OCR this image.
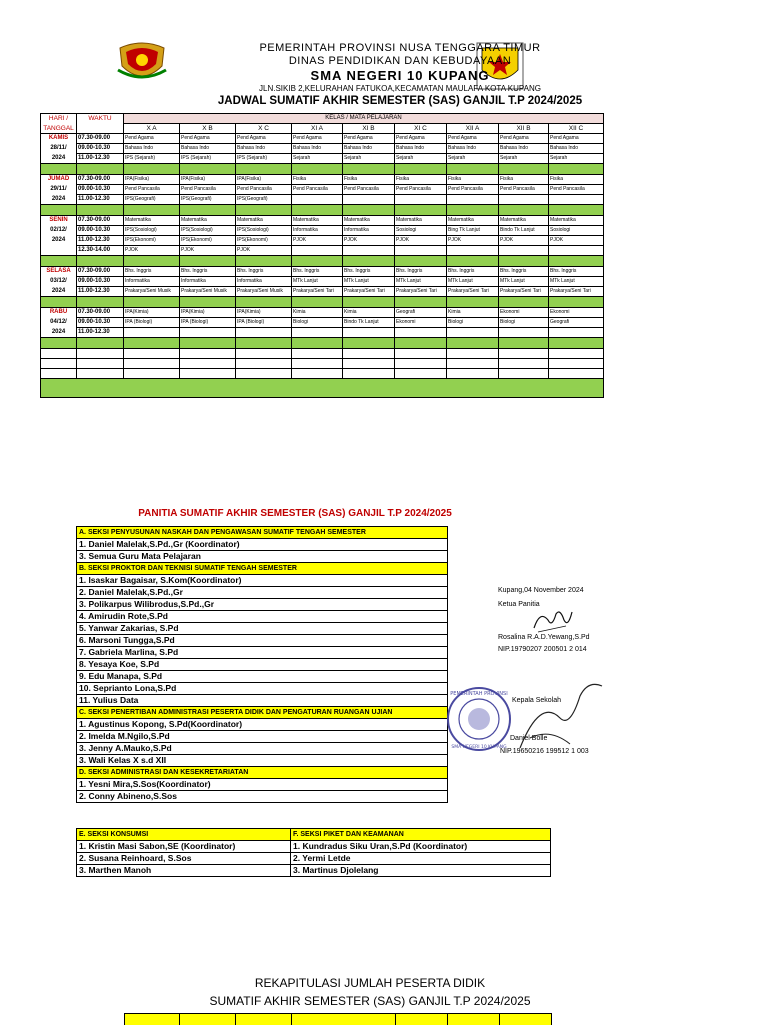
PEMERINTAH PROVINSI NUSA TENGGARA TIMUR
DINAS PENDIDIKAN DAN KEBUDAYAAN
SMA NEGERI 10 KUPANG
JLN.SIKIB 2,KELURAHAN FATUKOA,KECAMATAN MAULAFA KOTA KUPANG
JADWAL SUMATIF AKHIR SEMESTER (SAS) GANJIL T.P 2024/2025
HARI /	WAKTU	KELAS / MATA PELAJARAN								
TANGGAL		X A	X B	X C	XI A	XI B	XI C	XII A	XII B	XII C
KAMIS	07.30-09.00	Pend Agama	Pend Agama	Pend Agama	Pend Agama	Pend Agama	Pend Agama	Pend Agama	Pend Agama	Pend Agama
28/11/	09.00-10.30	Bahasa Indo	Bahasa Indo	Bahasa Indo	Bahasa Indo	Bahasa Indo	Bahasa Indo	Bahasa Indo	Bahasa Indo	Bahasa Indo
2024	11.00-12.30	IPS (Sejarah)	IPS (Sejarah)	IPS (Sejarah)	Sejarah	Sejarah	Sejarah	Sejarah	Sejarah	Sejarah

JUMAD	07.30-09.00	IPA(Fisika)	IPA(Fisika)	IPA(Fisika)	Fisika	Fisika	Fisika	Fisika	Fisika	Fisika
29/11/	09.00-10.30	Pend Pancasila	Pend Pancasila	Pend Pancasila	Pend Pancasila	Pend Pancasila	Pend Pancasila	Pend Pancasila	Pend Pancasila	Pend Pancasila
2024	11.00-12.30	IPS(Geografi)	IPS(Geografi)	IPS(Geografi)						

SENIN	07.30-09.00	Matematika	Matematika	Matematika	Matematika	Matematika	Matematika	Matematika	Matematika	Matematika
02/12/	09.00-10.30	IPS(Sosiologi)	IPS(Sosiologi)	IPS(Sosiologi)	Informatika	Informatika	Sosiologi	Bing Tk Lanjut	Bindo Tk Lanjut	Sosiologi
2024	11.00-12.30	IPS(Ekonomi)	IPS(Ekonomi)	IPS(Ekonomi)	PJOK	PJOK	PJOK	PJOK	PJOK	PJOK
	12.30-14.00	PJOK	PJOK	PJOK						

SELASA	07.30-09.00	Bhs. Inggris	Bhs. Inggris	Bhs. Inggris	Bhs. Inggris	Bhs. Inggris	Bhs. Inggris	Bhs. Inggris	Bhs. Inggris	Bhs. Inggris
03/12/	09.00-10.30	Informatika	Informatika	Informatika	MTk Lanjut	MTk Lanjut	MTk Lanjut	MTk Lanjut	MTk Lanjut	MTk Lanjut
2024	11.00-12.30	Prakarya/Seni Musik	Prakarya/Seni Musik	Prakarya/Seni Musik	Prakarya/Seni Tari	Prakarya/Seni Tari	Prakarya/Seni Tari	Prakarya/Seni Tari	Prakarya/Seni Tari	Prakarya/Seni Tari

RABU	07.30-09.00	IPA(Kimia)	IPA(Kimia)	IPA(Kimia)	Kimia	Kimia	Geografi	Kimia	Ekonomi	Ekonomi
04/12/	09.00-10.30	IPA (Biologi)	IPA (Biologi)	IPA (Biologi)	Biologi	Bindo Tk Lanjut	Ekonomi	Biologi	Biologi	Geografi
2024	11.00-12.30									

PANITIA SUMATIF AKHIR SEMESTER (SAS) GANJIL T.P 2024/2025
A. SEKSI PENYUSUNAN NASKAH DAN PENGAWASAN SUMATIF TENGAH SEMESTER
1. Daniel Malelak,S.Pd.,Gr (Koordinator)
3. Semua Guru Mata Pelajaran
B. SEKSI PROKTOR DAN TEKNISI SUMATIF TENGAH SEMESTER
1. Isaskar Bagaisar, S.Kom(Koordinator)
2. Daniel Malelak,S.Pd.,Gr
3. Polikarpus Wilibrodus,S.Pd.,Gr
4. Amirudin Rote,S.Pd
5. Yanwar Zakarias, S.Pd
6. Marsoni Tungga,S.Pd
7. Gabriela Marlina, S.Pd
8. Yesaya Koe, S.Pd
9. Edu Manapa, S.Pd
10. Seprianto Lona,S.Pd
11. Yulius Data
C. SEKSI PENERTIBAN ADMINISTRASI PESERTA DIDIK DAN PENGATURAN RUANGAN UJIAN
1. Agustinus Kopong, S.Pd(Koordinator)
2. Imelda M.Ngilo,S.Pd
3. Jenny A.Mauko,S.Pd
3. Wali Kelas X s.d XII
D. SEKSI ADMINISTRASI DAN KESEKRETARIATAN
1. Yesni Mira,S.Sos(Koordinator)
2. Conny Abineno,S.Sos
E. SEKSI KONSUMSI	F. SEKSI PIKET DAN KEAMANAN
1. Kristin Masi Sabon,SE (Koordinator)	1. Kundradus Siku Uran,S.Pd (Koordinator)
2. Susana Reinhoard, S.Sos	2. Yermi Letde
3. Marthen Manoh	3. Martinus Djolelang
Kupang,04 November 2024
Ketua Panitia
Rosalina R.A.D.Yewang,S.Pd
NIP.19790207 200501 2 014
PEMERINTAH PROVINSI
SMA NEGERI 10 KUPANG
Kepala Sekolah
Daniel Bolle
NIP.19650216 199512 1 003
REKAPITULASI JUMLAH PESERTA DIDIK
SUMATIF AKHIR SEMESTER (SAS) GANJIL T.P 2024/2025
